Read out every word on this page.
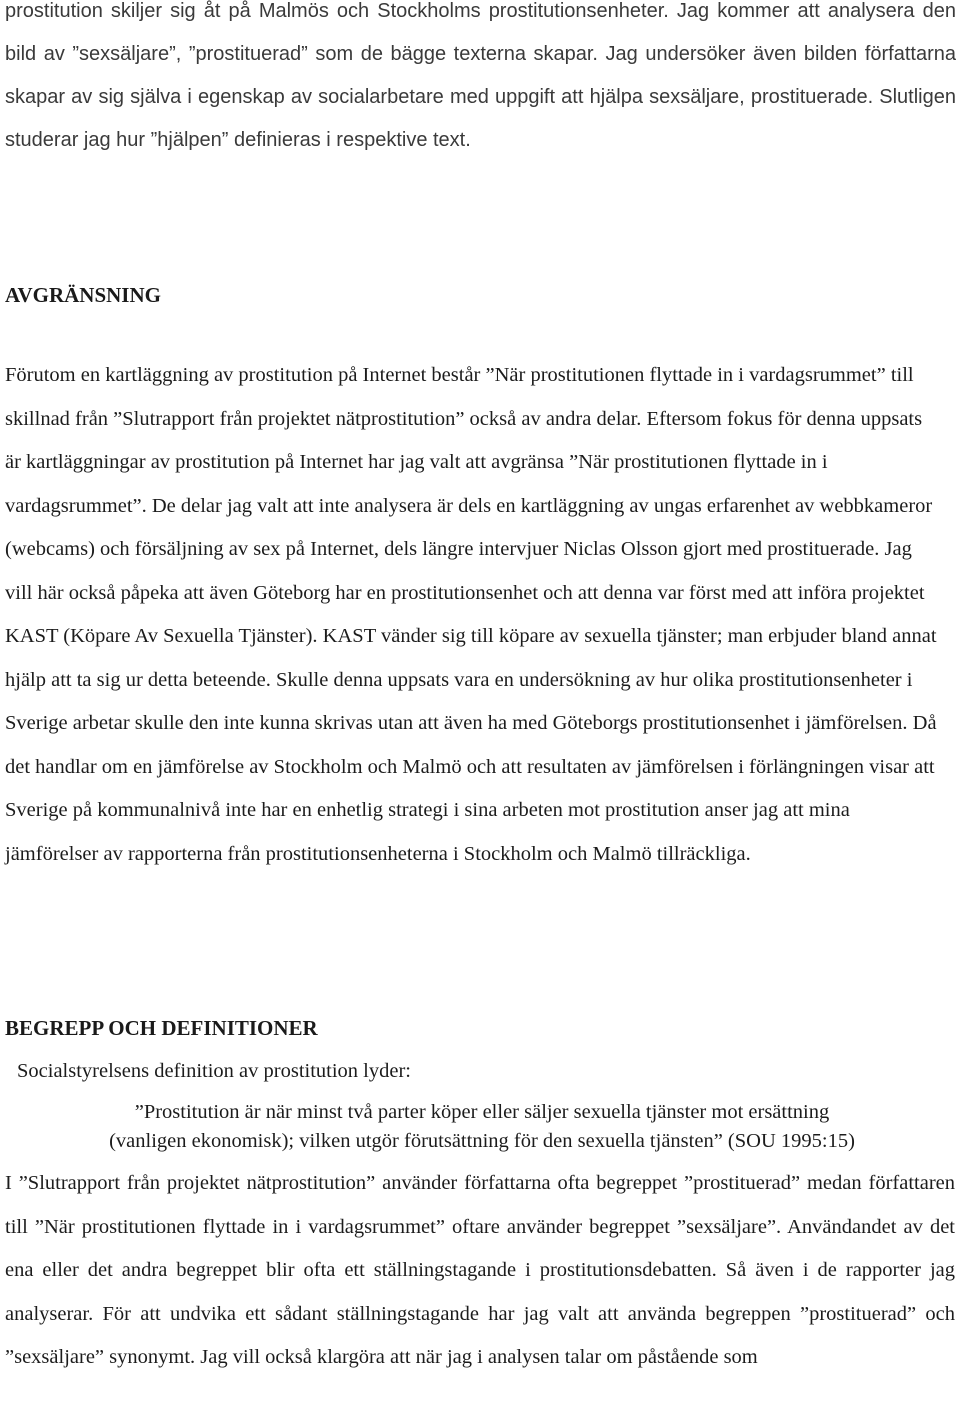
prostitution skiljer sig åt på Malmös och Stockholms prostitutionsenheter. Jag kommer att analysera den bild av ”sexsäljare”, ”prostituerad” som de bägge texterna skapar. Jag undersöker även bilden författarna skapar av sig själva i egenskap av socialarbetare med uppgift att hjälpa sexsäljare, prostituerade. Slutligen studerar jag hur ”hjälpen” definieras i respektive text.

AVGRÄNSNING

Förutom en kartläggning av prostitution på Internet består ”När prostitutionen flyttade in i vardagsrummet” till skillnad från ”Slutrapport från projektet nätprostitution” också av andra delar. Eftersom fokus för denna uppsats är kartläggningar av prostitution på Internet har jag valt att avgränsa ”När prostitutionen flyttade in i vardagsrummet”. De delar jag valt att inte analysera är dels en kartläggning av ungas erfarenhet av webbkameror (webcams) och försäljning av sex på Internet, dels längre intervjuer Niclas Olsson gjort med prostituerade. Jag vill här också påpeka att även Göteborg har en prostitutionsenhet och att denna var först med att införa projektet KAST (Köpare Av Sexuella Tjänster). KAST vänder sig till köpare av sexuella tjänster; man erbjuder bland annat hjälp att ta sig ur detta beteende. Skulle denna uppsats vara en undersökning av hur olika prostitutionsenheter i Sverige arbetar skulle den inte kunna skrivas utan att även ha med Göteborgs prostitutionsenhet i jämförelsen. Då det handlar om en jämförelse av Stockholm och Malmö och att resultaten av jämförelsen i förlängningen visar att Sverige på kommunalnivå inte har en enhetlig strategi i sina arbeten mot prostitution anser jag att mina jämförelser av rapporterna från prostitutionsenheterna i Stockholm och Malmö tillräckliga.

BEGREPP OCH DEFINITIONER

Socialstyrelsens definition av prostitution lyder:

”Prostitution är när minst två parter köper eller säljer sexuella tjänster mot ersättning
(vanligen ekonomisk); vilken utgör förutsättning för den sexuella tjänsten” (SOU 1995:15)

I ”Slutrapport från projektet nätprostitution” använder författarna ofta begreppet ”prostituerad” medan författaren till ”När prostitutionen flyttade in i vardagsrummet” oftare använder begreppet ”sexsäljare”. Användandet av det ena eller det andra begreppet blir ofta ett ställningstagande i prostitutionsdebatten. Så även i de rapporter jag analyserar. För att undvika ett sådant ställningstagande har jag valt att använda begreppen ”prostituerad” och ”sexsäljare” synonymt. Jag vill också klargöra att när jag i analysen talar om påstående som
